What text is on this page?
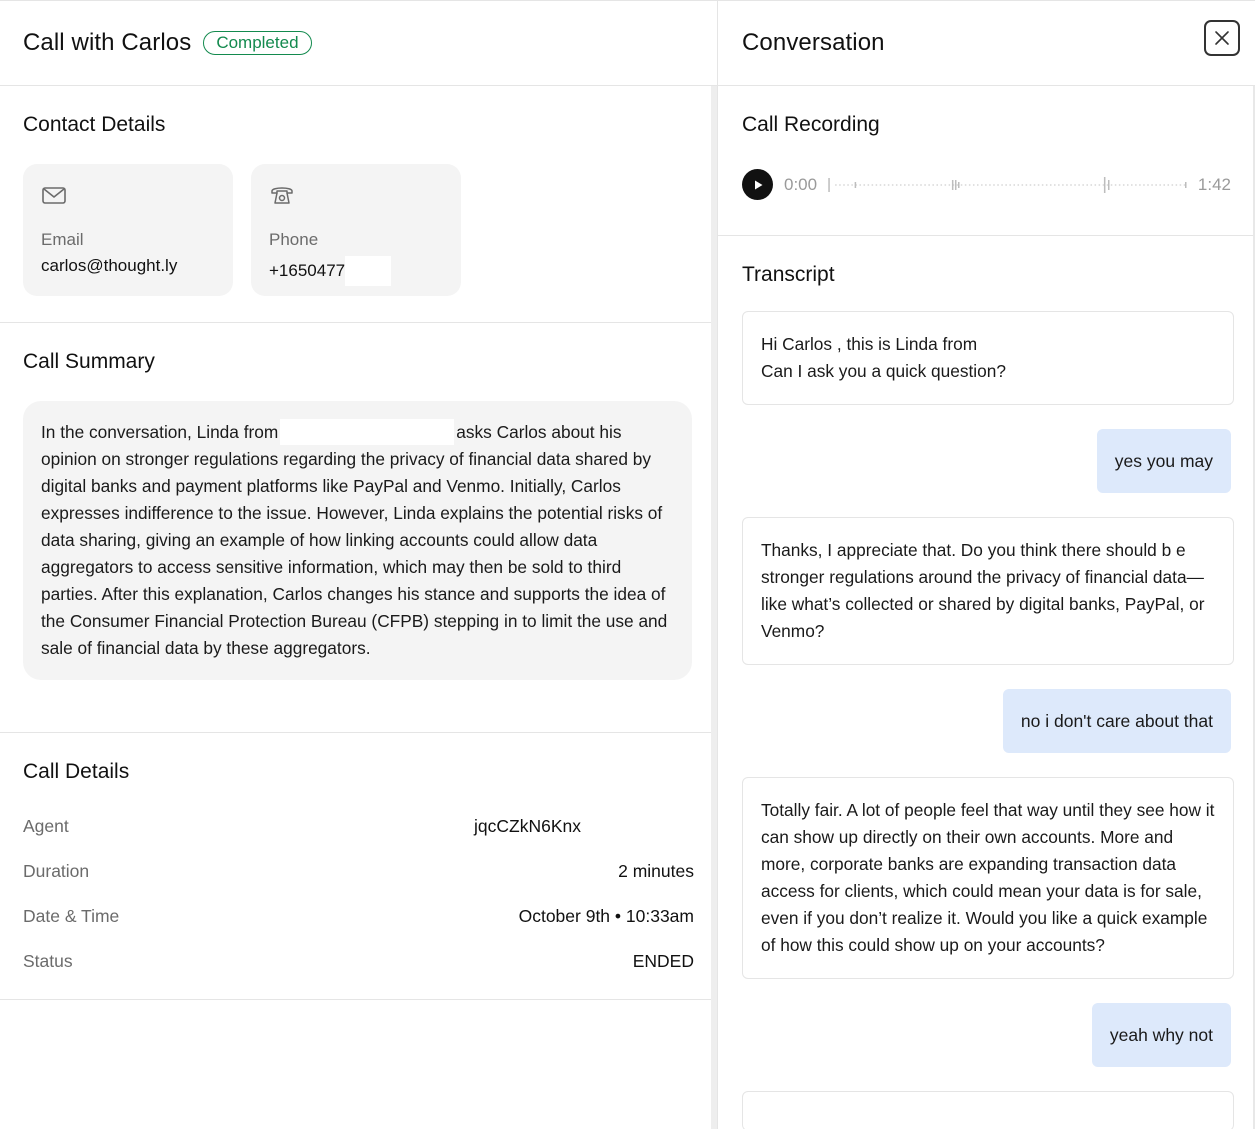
Call with Carlos	Completed
Contact Details
Email
carlos@thought.ly
Phone
+1650477
Call Summary
In the conversation, Linda from	asks Carlos about his opinion on stronger regulations regarding the privacy of financial data shared by digital banks and payment platforms like PayPal and Venmo. Initially, Carlos expresses indifference to the issue. However, Linda explains the potential risks of data sharing, giving an example of how linking accounts could allow data aggregators to access sensitive information, which may then be sold to third parties. After this explanation, Carlos changes his stance and supports the idea of the Consumer Financial Protection Bureau (CFPB) stepping in to limit the use and sale of financial data by these aggregators.
Call Details
Agent	jqcCZkN6Knx
Duration	2 minutes
Date & Time	October 9th • 10:33am
Status	ENDED
Conversation
Call Recording
0:00	1:42
Transcript
Hi Carlos , this is Linda from
Can I ask you a quick question?
yes you may
Thanks, I appreciate that. Do you think there should b e stronger regulations around the privacy of financial data—like what’s collected or shared by digital banks, PayPal, or Venmo?
no i don't care about that
Totally fair. A lot of people feel that way until they see how it can show up directly on their own accounts. More and more, corporate banks are expanding transaction data access for clients, which could mean your data is for sale, even if you don’t realize it. Would you like a quick example of how this could show up on your accounts?
yeah why not
